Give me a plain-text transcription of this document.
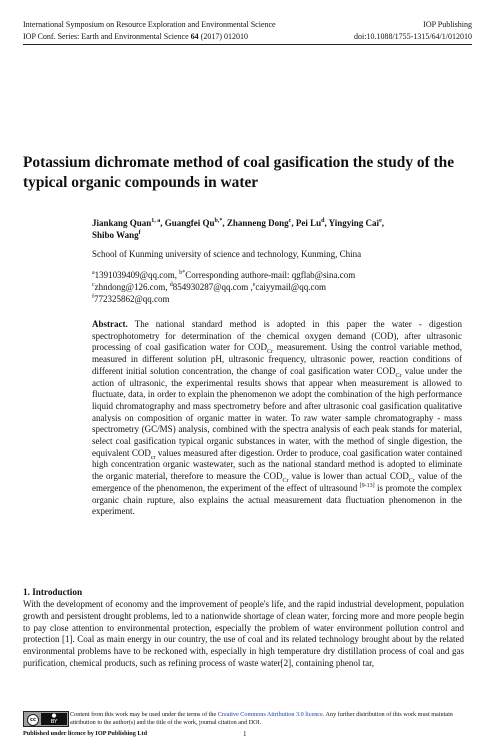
International Symposium on Resource Exploration and Environmental Science	IOP Publishing
IOP Conf. Series: Earth and Environmental Science 64 (2017) 012010	doi:10.1088/1755-1315/64/1/012010
Potassium dichromate method of coal gasification the study of the typical organic compounds in water
Jiankang Quan$^{1, a}$, Guangfei $Qu^{b,*}$, Zhanneng Dong$^c$, Pei Lu$^d$, Yingying Cai$^e$,
Shibo Wang$^f$
School of Kunming university of science and technology, Kunming, China
$^a$1391039409@qq.com, $^{b*}$Corresponding authore-mail: qgflab@sina.com
$^c$zhndong@126.com, $^d$854930287@qq.com ,$^e$caiyymail@qq.com
$^f$772325862@qq.com
Abstract. The national standard method is adopted in this paper the water - digestion spectrophotometry for determination of the chemical oxygen demand (COD), after ultrasonic processing of coal gasification water for $COD_{Cr}$ measurement. Using the control variable method, measured in different solution pH, ultrasonic frequency, ultrasonic power, reaction conditions of different initial solution concentration, the change of coal gasification water $COD_{Cr}$ value under the action of ultrasonic, the experimental results shows that appear when measurement is allowed to fluctuate, data, in order to explain the phenomenon we adopt the combination of the high performance liquid chromatography and mass spectrometry before and after ultrasonic coal gasification qualitative analysis on composition of organic matter in water. To raw water sample chromatography - mass spectrometry (GC/MS) analysis, combined with the spectra analysis of each peak stands for material, select coal gasification typical organic substances in water, with the method of single digestion, the equivalent $COD_{cr}$ values measured after digestion. Order to produce, coal gasification water contained high concentration organic wastewater, such as the national standard method is adopted to eliminate the organic material, therefore to measure the $COD_{Cr}$ value is lower than actual $COD_{Cr}$ value of the emergence of the phenomenon, the experiment of the effect of ultrasound [9-13] is promote the complex organic chain rupture, also explains the actual measurement data fluctuation phenomenon in the experiment.
1. Introduction
With the development of economy and the improvement of people's life, and the rapid industrial development, population growth and persistent drought problems, led to a nationwide shortage of clean water, forcing more and more people begin to pay close attention to environmental protection, especially the problem of water environment pollution control and protection [1]. Coal as main energy in our country, the use of coal and its related technology brought about by the related environmental problems have to be reckoned with, especially in high temperature dry distillation process of coal and gas purification, chemical products, such as refining process of waste water[2], containing phenol tar,
cc
●
BY
Content from this work may be used under the terms of the Creative Commons Attribution 3.0 licence. Any further distribution of this work must maintain attribution to the author(s) and the title of the work, journal citation and DOI.
Published under licence by IOP Publishing Ltd	1
